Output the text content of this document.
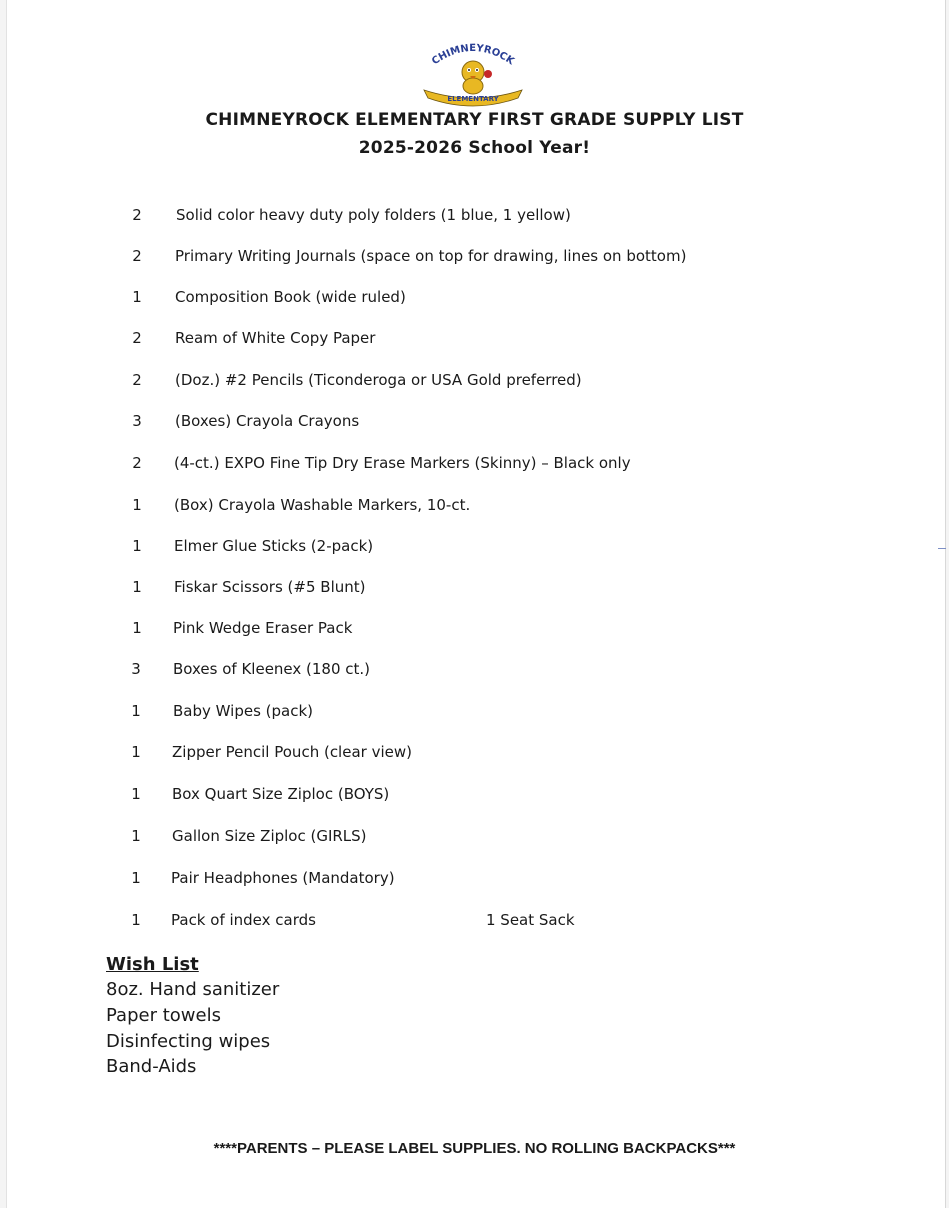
CHIMNEYROCK
ELEMENTARY
CHIMNEYROCK ELEMENTARY FIRST GRADE SUPPLY LIST
2025-2026 School Year!
2 Solid color heavy duty poly folders (1 blue, 1 yellow)
2 Primary Writing Journals (space on top for drawing, lines on bottom)
1 Composition Book (wide ruled)
2 Ream of White Copy Paper
2 (Doz.) #2 Pencils (Ticonderoga or USA Gold preferred)
3 (Boxes) Crayola Crayons
2 (4-ct.) EXPO Fine Tip Dry Erase Markers (Skinny) – Black only
1 (Box) Crayola Washable Markers, 10-ct.
1 Elmer Glue Sticks (2-pack)
1 Fiskar Scissors (#5 Blunt)
1 Pink Wedge Eraser Pack
3 Boxes of Kleenex (180 ct.)
1 Baby Wipes (pack)
1 Zipper Pencil Pouch (clear view)
1 Box Quart Size Ziploc (BOYS)
1 Gallon Size Ziploc (GIRLS)
1 Pair Headphones (Mandatory)
1 Pack of index cards	1 Seat Sack
Wish List
8oz. Hand sanitizer
Paper towels
Disinfecting wipes
Band-Aids
****PARENTS – PLEASE LABEL SUPPLIES. NO ROLLING BACKPACKS***
